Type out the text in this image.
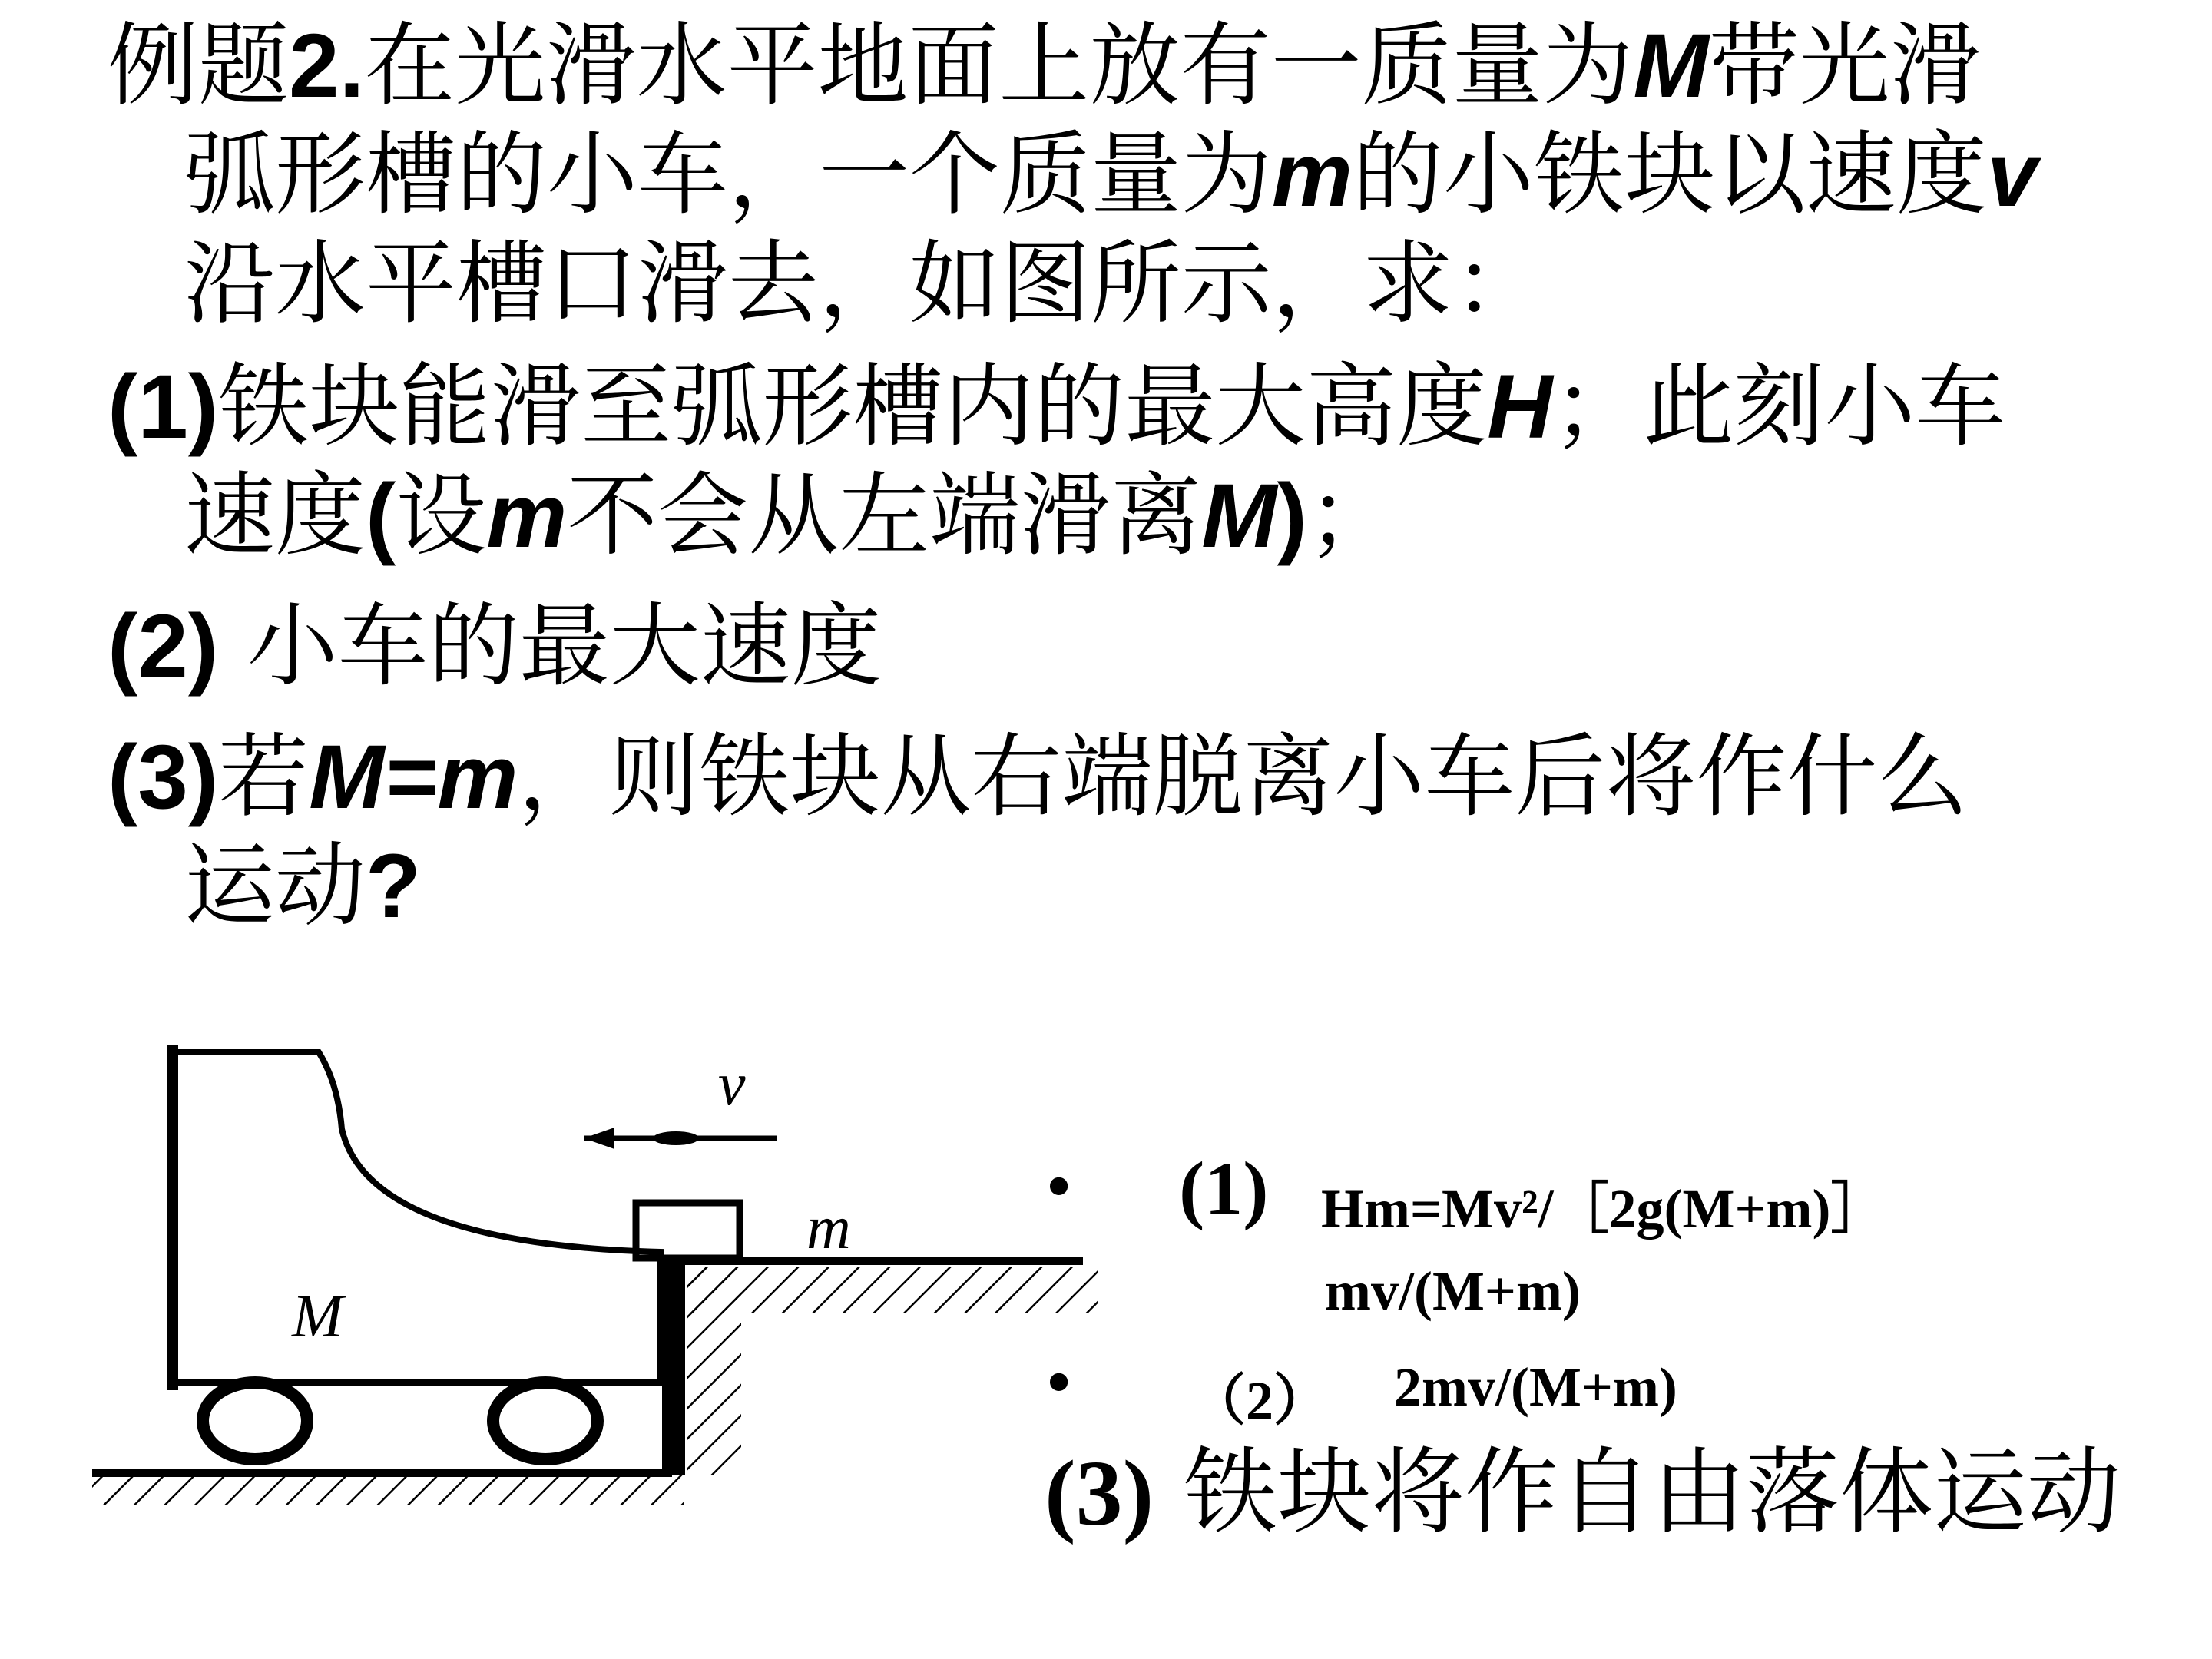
例题2.在光滑水平地面上放有一质量为M带光滑
弧形槽的小车，一个质量为m的小铁块以速度v
沿水平槽口滑去，如图所示，求：
(1)铁块能滑至弧形槽内的最大高度H；此刻小车
速度(设m不会从左端滑离M)；
(2) 小车的最大速度
(3)若M=m，则铁块从右端脱离小车后将作什么
运动?
v
m
M
• (1) Hm=Mv²/［2g(M+m)］
mv/(M+m)
• （2） 2mv/(M+m)
(3) 铁块将作自由落体运动
